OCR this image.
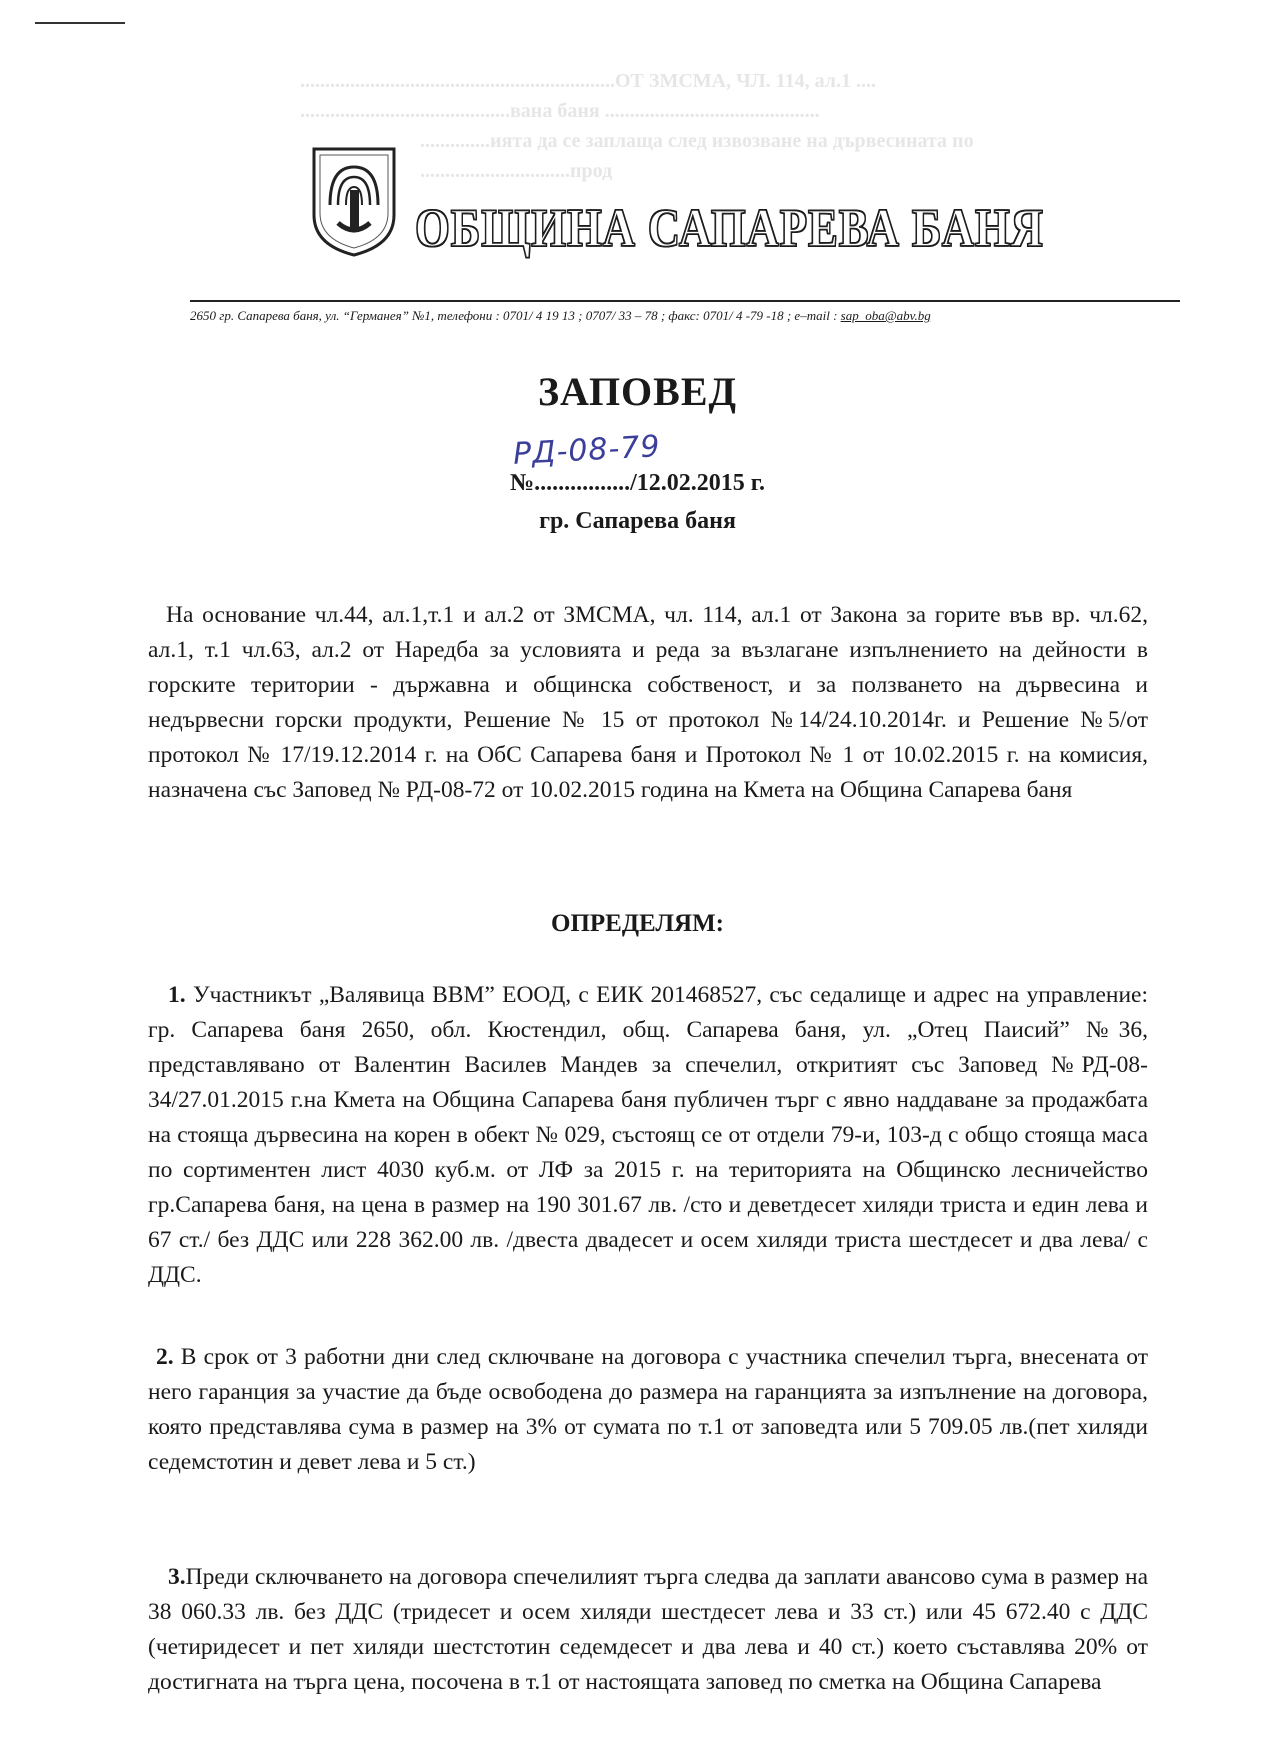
...............................................................ОТ ЗМСМА, ЧЛ. 114, ал.1 ....
..........................................вана баня ...........................................
..............ията да се заплаща след извозване на дървесината по
..............................прод
ОБЩИНА САПАРЕВА БАНЯ
2650 гр. Сапарева баня, ул. “Германея” №1, телефони : 0701/ 4 19 13 ; 0707/ 33 – 78 ; факс: 0701/ 4 -79 -18 ; e–mail : sap_oba@abv.bg
ЗАПОВЕД
РД-08-79
№................/12.02.2015 г.
гр. Сапарева баня
На основание чл.44, ал.1,т.1 и ал.2 от ЗМСМА, чл. 114, ал.1 от Закона за горите във вр. чл.62, ал.1, т.1 чл.63, ал.2 от Наредба за условията и реда за възлагане изпълнението на дейности в горските територии - държавна и общинска собственост, и за ползването на дървесина и недървесни горски продукти, Решение № 15 от протокол №14/24.10.2014г. и Решение №5/от протокол № 17/19.12.2014 г. на ОбС Сапарева баня и Протокол № 1 от 10.02.2015 г. на комисия, назначена със Заповед № РД-08-72 от 10.02.2015 година на Кмета на Община Сапарева баня
ОПРЕДЕЛЯМ:
1. Участникът „Валявица ВВМ” ЕООД, с ЕИК 201468527, със седалище и адрес на управление: гр. Сапарева баня 2650, обл. Кюстендил, общ. Сапарева баня, ул. „Отец Паисий” №36, представлявано от Валентин Василев Мандев за спечелил, откритият със Заповед №РД-08-34/27.01.2015 г.на Кмета на Община Сапарева баня публичен търг с явно наддаване за продажбата на стояща дървесина на корен в обект № 029, състоящ се от отдели 79-и, 103-д с общо стояща маса по сортиментен лист 4030 куб.м. от ЛФ за 2015 г. на територията на Общинско лесничейство гр.Сапарева баня, на цена в размер на 190 301.67 лв. /сто и деветдесет хиляди триста и един лева и 67 ст./ без ДДС или 228 362.00 лв. /двеста двадесет и осем хиляди триста шестдесет и два лева/ с ДДС.
2. В срок от 3 работни дни след сключване на договора с участника спечелил търга, внесената от него гаранция за участие да бъде освободена до размера на гаранцията за изпълнение на договора, която представлява сума в размер на 3% от сумата по т.1 от заповедта или 5 709.05 лв.(пет хиляди седемстотин и девет лева и 5 ст.)
3.Преди сключването на договора спечелилият търга следва да заплати авансово сума в размер на 38 060.33 лв. без ДДС (тридесет и осем хиляди шестдесет лева и 33 ст.) или 45 672.40 с ДДС (четиридесет и пет хиляди шестстотин седемдесет и два лева и 40 ст.) което съставлява 20% от достигната на търга цена, посочена в т.1 от настоящата заповед по сметка на Община Сапарева
